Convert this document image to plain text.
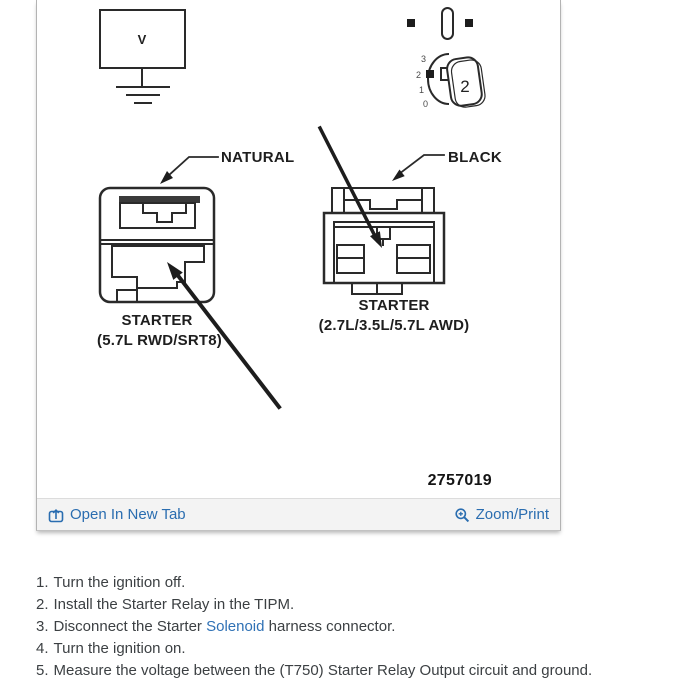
V
3
2
1
0
2
NATURAL	BLACK
STARTER
(5.7L RWD/SRT8)
STARTER
(2.7L/3.5L/5.7L AWD)
2757019
Open In New Tab	Zoom/Print
1. Turn the ignition off.
2. Install the Starter Relay in the TIPM.
3. Disconnect the Starter Solenoid harness connector.
4. Turn the ignition on.
5. Measure the voltage between the (T750) Starter Relay Output circuit and ground.
